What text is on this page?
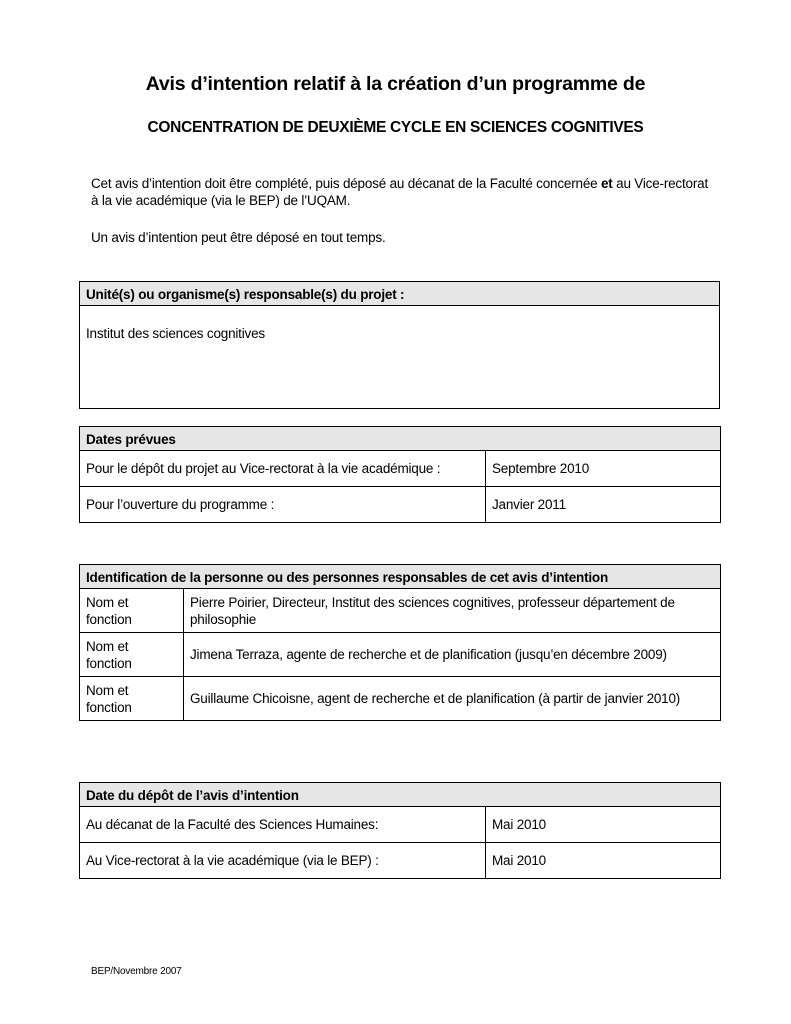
Avis d’intention relatif à la création d’un programme de
CONCENTRATION DE DEUXIÈME CYCLE EN SCIENCES COGNITIVES
Cet avis d’intention doit être complété, puis déposé au décanat de la Faculté concernée et au Vice-rectorat à la vie académique (via le BEP) de l’UQAM.
Un avis d’intention peut être déposé en tout temps.
Unité(s) ou organisme(s) responsable(s) du projet :
Institut des sciences cognitives
Dates prévues	
Pour le dépôt du projet au Vice-rectorat à la vie académique :	Septembre 2010
Pour l’ouverture du programme :	Janvier 2011
Identification de la personne ou des personnes responsables de cet avis d’intention	
Nom et fonction	Pierre Poirier, Directeur, Institut des sciences cognitives, professeur département de philosophie
Nom et fonction	Jimena Terraza, agente de recherche et de planification (jusqu’en décembre 2009)
Nom et fonction	Guillaume Chicoisne, agent de recherche et de planification (à partir de janvier 2010)
Date du dépôt de l’avis d’intention	
Au décanat de la Faculté des Sciences Humaines:	Mai 2010
Au Vice-rectorat à la vie académique (via le BEP) :	Mai 2010
BEP/Novembre 2007
